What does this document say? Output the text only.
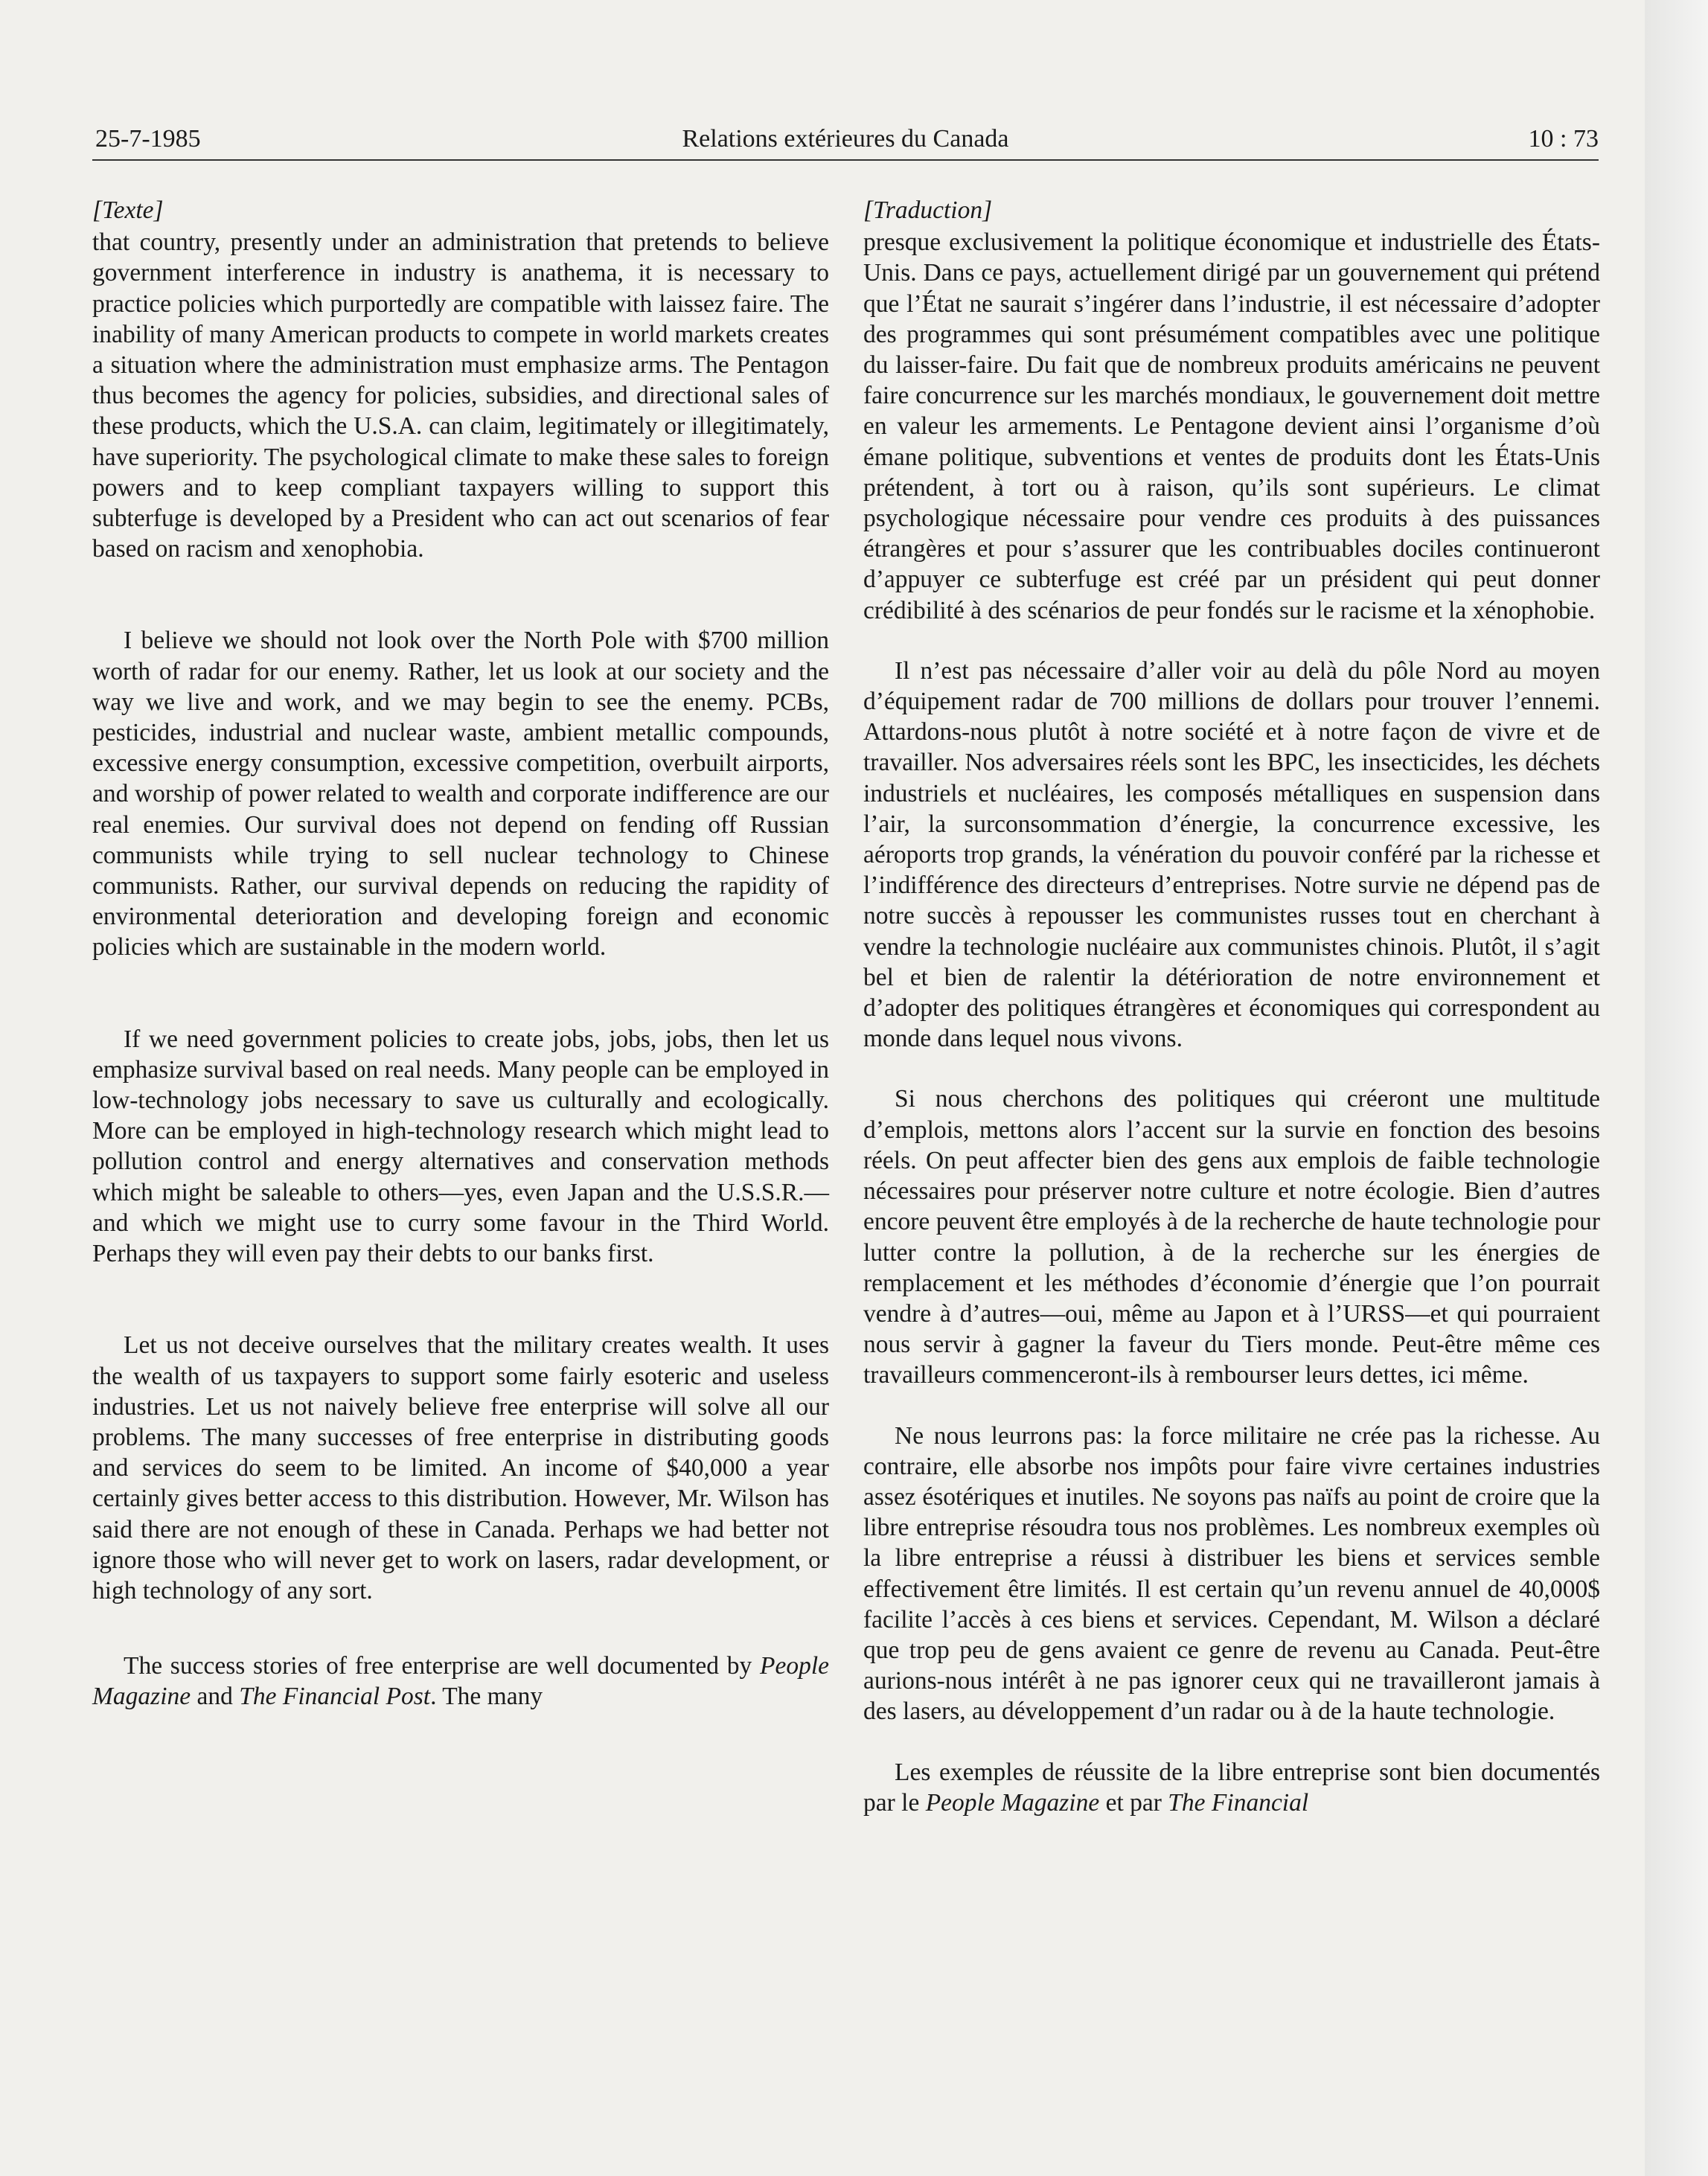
25-7-1985	Relations extérieures du Canada	10 : 73
[Texte]

that country, presently under an administration that pretends to believe government interference in industry is anathema, it is necessary to practice policies which purportedly are compatible with laissez faire. The inability of many American products to compete in world markets creates a situation where the administration must emphasize arms. The Pentagon thus becomes the agency for policies, subsidies, and directional sales of these products, which the U.S.A. can claim, legitimately or illegitimately, have superiority. The psychological climate to make these sales to foreign powers and to keep compliant taxpayers willing to support this subterfuge is developed by a President who can act out scenarios of fear based on racism and xenophobia.

I believe we should not look over the North Pole with $700 million worth of radar for our enemy. Rather, let us look at our society and the way we live and work, and we may begin to see the enemy. PCBs, pesticides, industrial and nuclear waste, ambient metallic compounds, excessive energy consumption, excessive competition, overbuilt airports, and worship of power related to wealth and corporate indifference are our real enemies. Our survival does not depend on fending off Russian communists while trying to sell nuclear technology to Chinese communists. Rather, our survival depends on reducing the rapidity of environmental deterioration and developing foreign and economic policies which are sustainable in the modern world.

If we need government policies to create jobs, jobs, jobs, then let us emphasize survival based on real needs. Many people can be employed in low-technology jobs necessary to save us culturally and ecologically. More can be employed in high-technology research which might lead to pollution control and energy alternatives and conservation methods which might be saleable to others—yes, even Japan and the U.S.S.R.—and which we might use to curry some favour in the Third World. Perhaps they will even pay their debts to our banks first.

Let us not deceive ourselves that the military creates wealth. It uses the wealth of us taxpayers to support some fairly esoteric and useless industries. Let us not naively believe free enterprise will solve all our problems. The many successes of free enterprise in distributing goods and services do seem to be limited. An income of $40,000 a year certainly gives better access to this distribution. However, Mr. Wilson has said there are not enough of these in Canada. Perhaps we had better not ignore those who will never get to work on lasers, radar development, or high technology of any sort.

The success stories of free enterprise are well documented by People Magazine and The Financial Post. The many

[Traduction]

presque exclusivement la politique économique et industrielle des États-Unis. Dans ce pays, actuellement dirigé par un gouvernement qui prétend que l’État ne saurait s’ingérer dans l’industrie, il est nécessaire d’adopter des programmes qui sont présumément compatibles avec une politique du laisser-faire. Du fait que de nombreux produits américains ne peuvent faire concurrence sur les marchés mondiaux, le gouvernement doit mettre en valeur les armements. Le Pentagone devient ainsi l’organisme d’où émane politique, subventions et ventes de produits dont les États-Unis prétendent, à tort ou à raison, qu’ils sont supérieurs. Le climat psychologique nécessaire pour vendre ces produits à des puissances étrangères et pour s’assurer que les contribuables dociles continueront d’appuyer ce subterfuge est créé par un président qui peut donner crédibilité à des scénarios de peur fondés sur le racisme et la xénophobie.

Il n’est pas nécessaire d’aller voir au delà du pôle Nord au moyen d’équipement radar de 700 millions de dollars pour trouver l’ennemi. Attardons-nous plutôt à notre société et à notre façon de vivre et de travailler. Nos adversaires réels sont les BPC, les insecticides, les déchets industriels et nucléaires, les composés métalliques en suspension dans l’air, la surconsommation d’énergie, la concurrence excessive, les aéroports trop grands, la vénération du pouvoir conféré par la richesse et l’indifférence des directeurs d’entreprises. Notre survie ne dépend pas de notre succès à repousser les communistes russes tout en cherchant à vendre la technologie nucléaire aux communistes chinois. Plutôt, il s’agit bel et bien de ralentir la détérioration de notre environnement et d’adopter des politiques étrangères et économiques qui correspondent au monde dans lequel nous vivons.

Si nous cherchons des politiques qui créeront une multitude d’emplois, mettons alors l’accent sur la survie en fonction des besoins réels. On peut affecter bien des gens aux emplois de faible technologie nécessaires pour préserver notre culture et notre écologie. Bien d’autres encore peuvent être employés à de la recherche de haute technologie pour lutter contre la pollution, à de la recherche sur les énergies de remplacement et les méthodes d’économie d’énergie que l’on pourrait vendre à d’autres—oui, même au Japon et à l’URSS—et qui pourraient nous servir à gagner la faveur du Tiers monde. Peut-être même ces travailleurs commenceront-ils à rembourser leurs dettes, ici même.

Ne nous leurrons pas: la force militaire ne crée pas la richesse. Au contraire, elle absorbe nos impôts pour faire vivre certaines industries assez ésotériques et inutiles. Ne soyons pas naïfs au point de croire que la libre entreprise résoudra tous nos problèmes. Les nombreux exemples où la libre entreprise a réussi à distribuer les biens et services semble effectivement être limités. Il est certain qu’un revenu annuel de 40,000$ facilite l’accès à ces biens et services. Cependant, M. Wilson a déclaré que trop peu de gens avaient ce genre de revenu au Canada. Peut-être aurions-nous intérêt à ne pas ignorer ceux qui ne travailleront jamais à des lasers, au développement d’un radar ou à de la haute technologie.

Les exemples de réussite de la libre entreprise sont bien documentés par le People Magazine et par The Financial
